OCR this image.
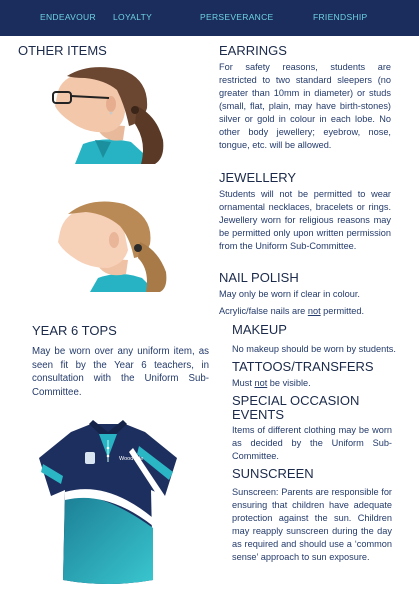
ENDEAVOUR LOYALTY	PERSEVERANCE	FRIENDSHIP
OTHER ITEMS
YEAR 6 TOPS
May be worn over any uniform item, as seen fit by the Year 6 teachers, in consultation with the Uniform Sub-Committee.
Woodvale
EARRINGS
For safety reasons, students are restricted to two standard sleepers (no greater than 10mm in diameter) or studs (small, flat, plain, may have birth-stones) silver or gold in colour in each lobe. No other body jewellery; eyebrow, nose, tongue, etc. will be allowed.
JEWELLERY
Students will not be permitted to wear ornamental necklaces, bracelets or rings. Jewellery worn for religious reasons may be permitted only upon written permission from the Uniform Sub-Committee.
NAIL POLISH
May only be worn if clear in colour.
Acrylic/false nails are not permitted.
MAKEUP
No makeup should be worn by students.
TATTOOS/TRANSFERS
Must not be visible.
SPECIAL OCCASION
EVENTS
Items of different clothing may be worn as decided by the Uniform Sub- Committee.
SUNSCREEN
Sunscreen: Parents are responsible for ensuring that children have adequate protection against the sun. Children may reapply sunscreen during the day as required and should use a ‘common sense’ approach to sun exposure.
